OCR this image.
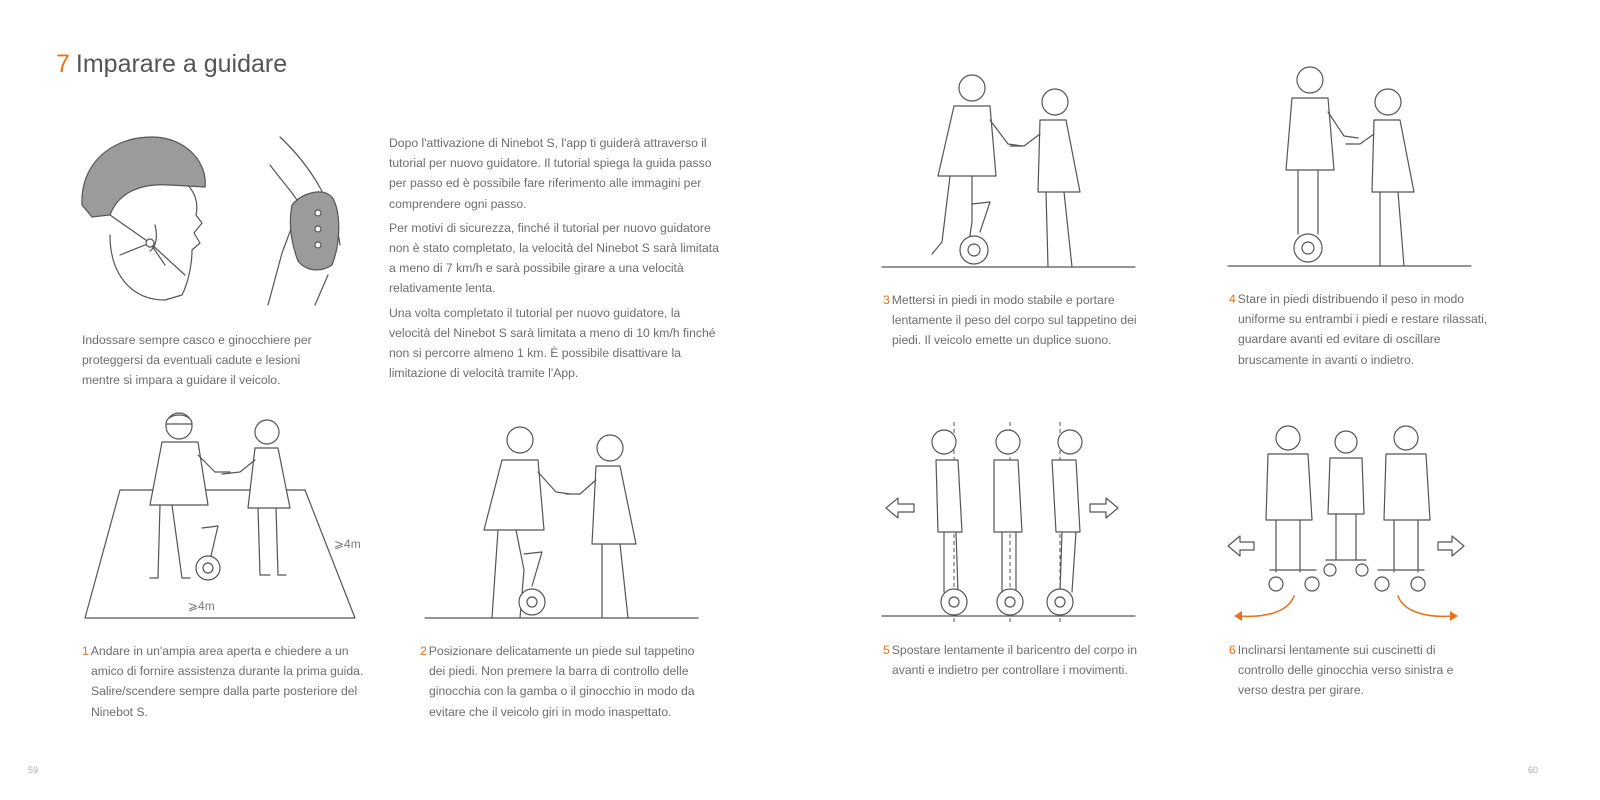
7 Imparare a guidare
Indossare sempre casco e ginocchiere per proteggersi da eventuali cadute e lesioni mentre si impara a guidare il veicolo.

Dopo l'attivazione di Ninebot S, l'app ti guiderà attraverso il tutorial per nuovo guidatore. Il tutorial spiega la guida passo per passo ed è possibile fare riferimento alle immagini per comprendere ogni passo.

Per motivi di sicurezza, finché il tutorial per nuovo guidatore non è stato completato, la velocità del Ninebot S sarà limitata a meno di 7 km/h e sarà possibile girare a una velocità relativamente lenta.

Una volta completato il tutorial per nuovo guidatore, la velocità del Ninebot S sarà limitata a meno di 10 km/h finché non si percorre almeno 1 km. È possibile disattivare la limitazione di velocità tramite l'App.

⩾4m
⩾4m
1 Andare in un'ampia area aperta e chiedere a un amico di fornire assistenza durante la prima guida. Salire/scendere sempre dalla parte posteriore del Ninebot S.
2 Posizionare delicatamente un piede sul tappetino dei piedi. Non premere la barra di controllo delle ginocchia con la gamba o il ginocchio in modo da evitare che il veicolo giri in modo inaspettato.
3 Mettersi in piedi in modo stabile e portare lentamente il peso del corpo sul tappetino dei piedi. Il veicolo emette un duplice suono.
4 Stare in piedi distribuendo il peso in modo uniforme su entrambi i piedi e restare rilassati, guardare avanti ed evitare di oscillare bruscamente in avanti o indietro.
5 Spostare lentamente il baricentro del corpo in avanti e indietro per controllare i movimenti.
6 Inclinarsi lentamente sui cuscinetti di controllo delle ginocchia verso sinistra e verso destra per girare.
59	60
